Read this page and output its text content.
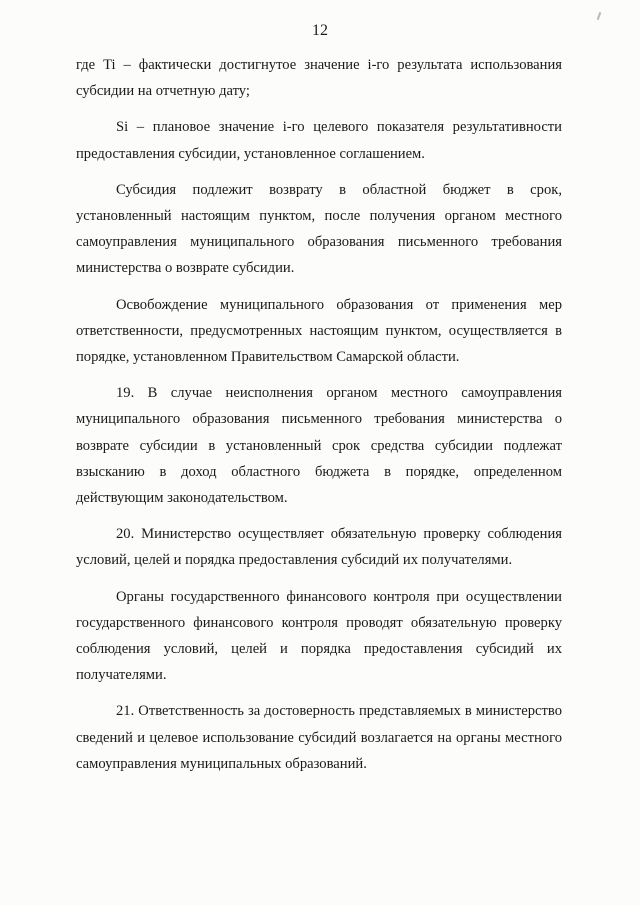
12

где Ti – фактически достигнутое значение i-го результата использования субсидии на отчетную дату;

Si – плановое значение i-го целевого показателя результативности предоставления субсидии, установленное соглашением.

Субсидия подлежит возврату в областной бюджет в срок, установленный настоящим пунктом, после получения органом местного самоуправления муниципального образования письменного требования министерства о возврате субсидии.

Освобождение муниципального образования от применения мер ответственности, предусмотренных настоящим пунктом, осуществляется в порядке, установленном Правительством Самарской области.

19. В случае неисполнения органом местного самоуправления муниципального образования письменного требования министерства о возврате субсидии в установленный срок средства субсидии подлежат взысканию в доход областного бюджета в порядке, определенном действующим законодательством.

20. Министерство осуществляет обязательную проверку соблюдения условий, целей и порядка предоставления субсидий их получателями.

Органы государственного финансового контроля при осуществлении государственного финансового контроля проводят обязательную проверку соблюдения условий, целей и порядка предоставления субсидий их получателями.

21. Ответственность за достоверность представляемых в министерство сведений и целевое использование субсидий возлагается на органы местного самоуправления муниципальных образований.
